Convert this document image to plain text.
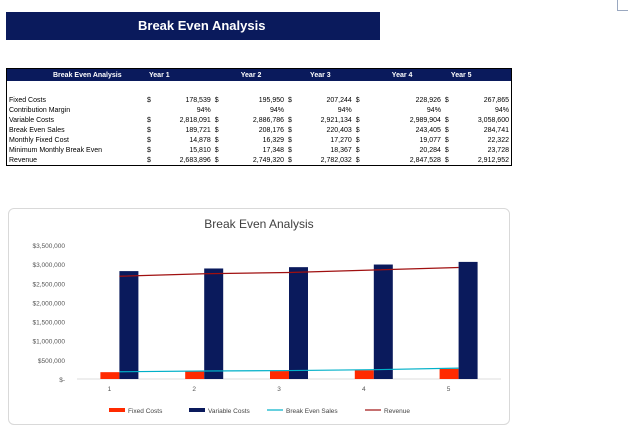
Break Even Analysis
Break Even Analysis	Year 1		Year 2		Year 3		Year 4		Year 5	

Fixed Costs	$	178,539	$	195,950	$	207,244	$	228,926	$	267,865
Contribution Margin		94%		94%		94%		94%		94%
Variable Costs	$	2,818,091	$	2,886,786	$	2,921,134	$	2,989,904	$	3,058,600
Break Even Sales	$	189,721	$	208,176	$	220,403	$	243,405	$	284,741
Monthly Fixed Cost	$	14,878	$	16,329	$	17,270	$	19,077	$	22,322
Minimum Monthly Break Even	$	15,810	$	17,348	$	18,367	$	20,284	$	23,728
Revenue	$	2,683,896	$	2,749,320	$	2,782,032	$	2,847,528	$	2,912,952
Break Even Analysis
$-
$500,000
$1,000,000
$1,500,000
$2,000,000
$2,500,000
$3,000,000
$3,500,000
1	2	3	4	5
Fixed Costs	Variable Costs	Break Even Sales	Revenue
